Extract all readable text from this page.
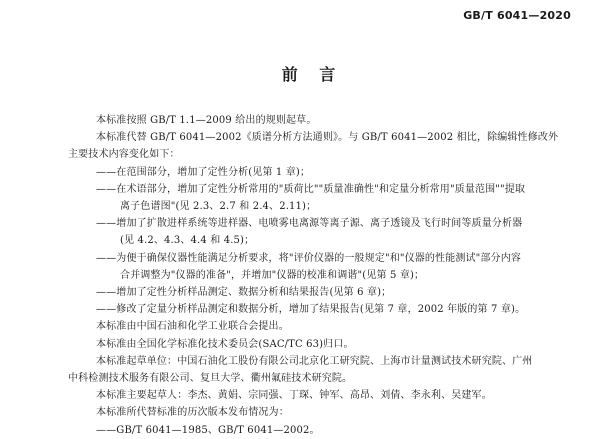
GB/T 6041—2020
前 言
本标准按照 GB/T 1.1—2009 给出的规则起草。
本标准代替 GB/T 6041—2002《质谱分析方法通则》。与 GB/T 6041—2002 相比，除编辑性修改外
主要技术内容变化如下：
——在范围部分，增加了定性分析(见第 1 章)；
——在术语部分，增加了定性分析常用的"质荷比""质量准确性"和定量分析常用"质量范围""提取
离子色谱图"(见 2.3、2.7 和 2.4、2.11)；
——增加了扩散进样系统等进样器、电喷雾电离源等离子源、离子透镜及飞行时间等质量分析器
(见 4.2、4.3、4.4 和 4.5)；
——为便于确保仪器性能满足分析要求，将"评价仪器的一般规定"和"仪器的性能测试"部分内容
合并调整为"仪器的准备"，并增加"仪器的校准和调谐"(见第 5 章)；
——增加了定性分析样品测定、数据分析和结果报告(见第 6 章)；
——修改了定量分析样品测定和数据分析，增加了结果报告(见第 7 章，2002 年版的第 7 章)。
本标准由中国石油和化学工业联合会提出。
本标准由全国化学标准化技术委员会(SAC/TC 63)归口。
本标准起草单位：中国石油化工股份有限公司北京化工研究院、上海市计量测试技术研究院、广州
中科检测技术服务有限公司、复旦大学、衢州氟硅技术研究院。
本标准主要起草人：李杰、黄娟、宗同强、丁琛、钟军、高昂、刘倩、李永利、吴建军。
本标准所代替标准的历次版本发布情况为：
——GB/T 6041—1985、GB/T 6041—2002。
